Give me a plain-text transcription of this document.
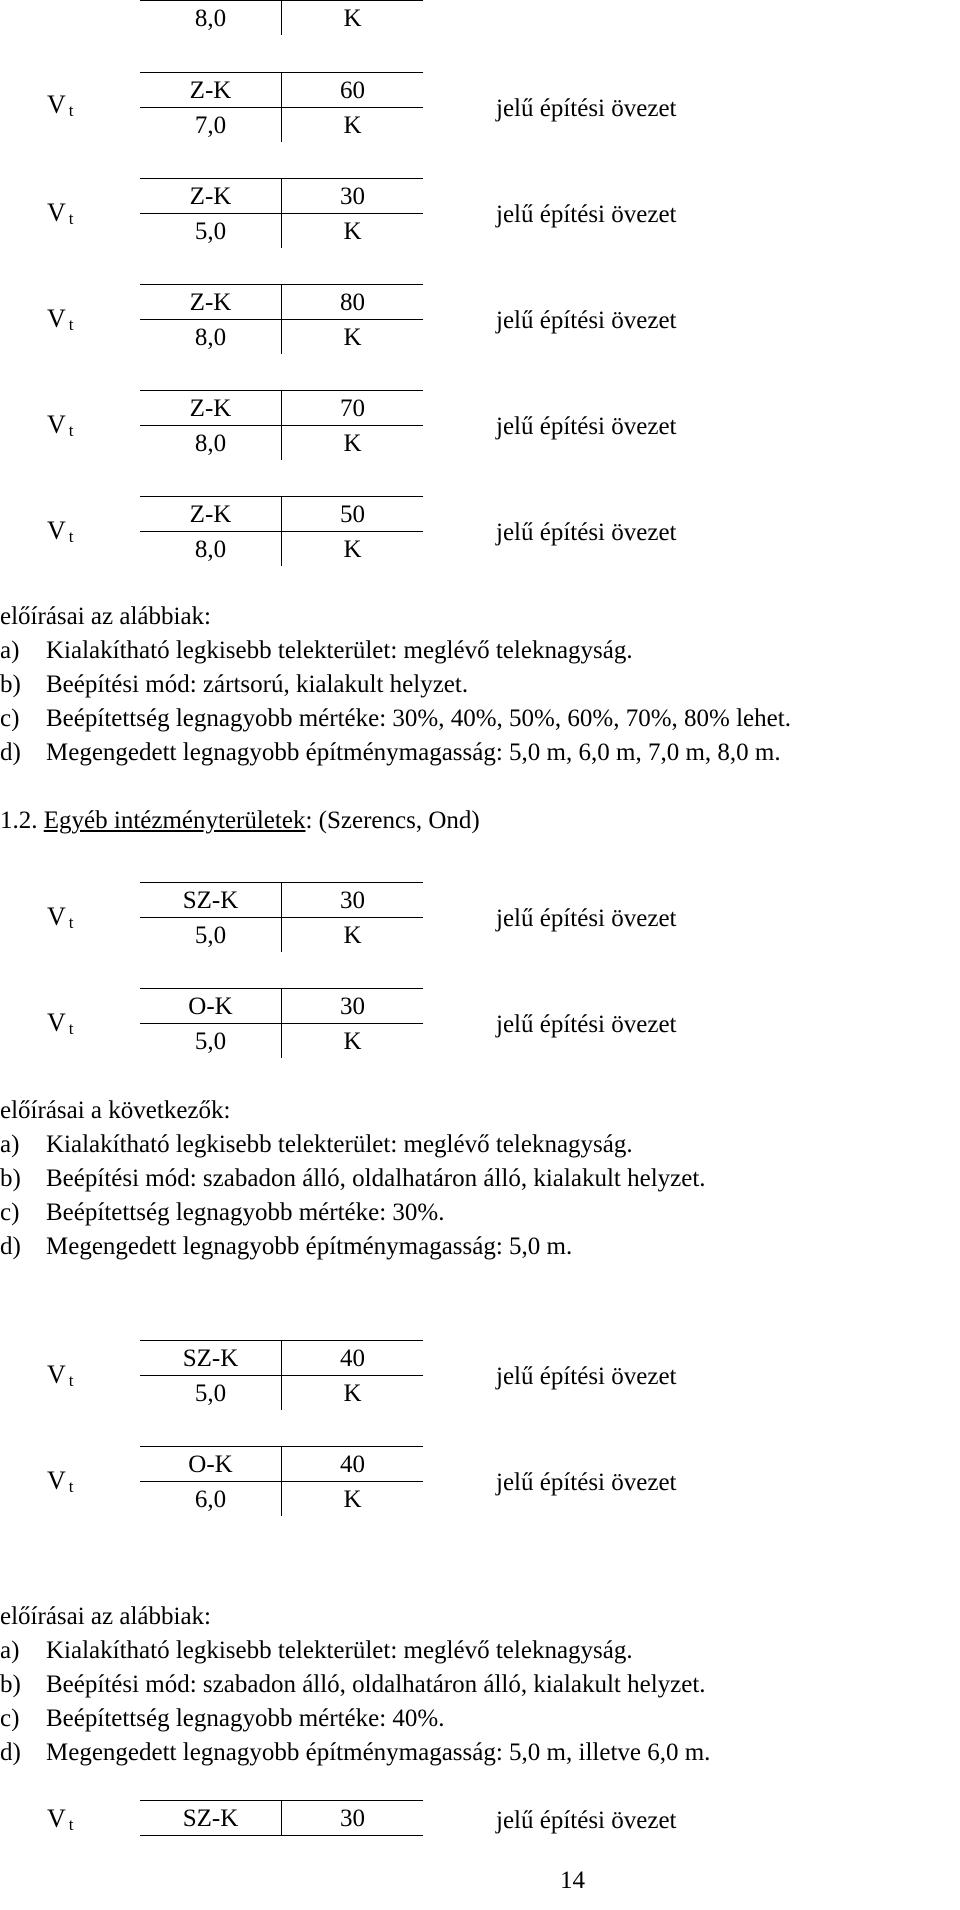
8,0	K
V $_t$
Z-K	60
7,0	K
jelű építési övezet
V $_t$
Z-K	30
5,0	K
jelű építési övezet
V $_t$
Z-K	80
8,0	K
jelű építési övezet
V $_t$
Z-K	70
8,0	K
jelű építési övezet
V $_t$
Z-K	50
8,0	K
jelű építési övezet
előírásai az alábbiak:
a) Kialakítható legkisebb telekterület: meglévő teleknagyság.
b) Beépítési mód: zártsorú, kialakult helyzet.
c) Beépítettség legnagyobb mértéke: 30%, 40%, 50%, 60%, 70%, 80% lehet.
d) Megengedett legnagyobb építménymagasság: 5,0 m, 6,0 m, 7,0 m, 8,0 m.
1.2. Egyéb intézményterületek: (Szerencs, Ond)
V $_t$
SZ-K	30
5,0	K
jelű építési övezet
V $_t$
O-K	30
5,0	K
jelű építési övezet
előírásai a következők:
a) Kialakítható legkisebb telekterület: meglévő teleknagyság.
b) Beépítési mód: szabadon álló, oldalhatáron álló, kialakult helyzet.
c) Beépítettség legnagyobb mértéke: 30%.
d) Megengedett legnagyobb építménymagasság: 5,0 m.
V $_t$
SZ-K	40
5,0	K
jelű építési övezet
V $_t$
O-K	40
6,0	K
jelű építési övezet
előírásai az alábbiak:
a) Kialakítható legkisebb telekterület: meglévő teleknagyság.
b) Beépítési mód: szabadon álló, oldalhatáron álló, kialakult helyzet.
c) Beépítettség legnagyobb mértéke: 40%.
d) Megengedett legnagyobb építménymagasság: 5,0 m, illetve 6,0 m.
V $_t$	SZ-K	30	jelű építési övezet
14
